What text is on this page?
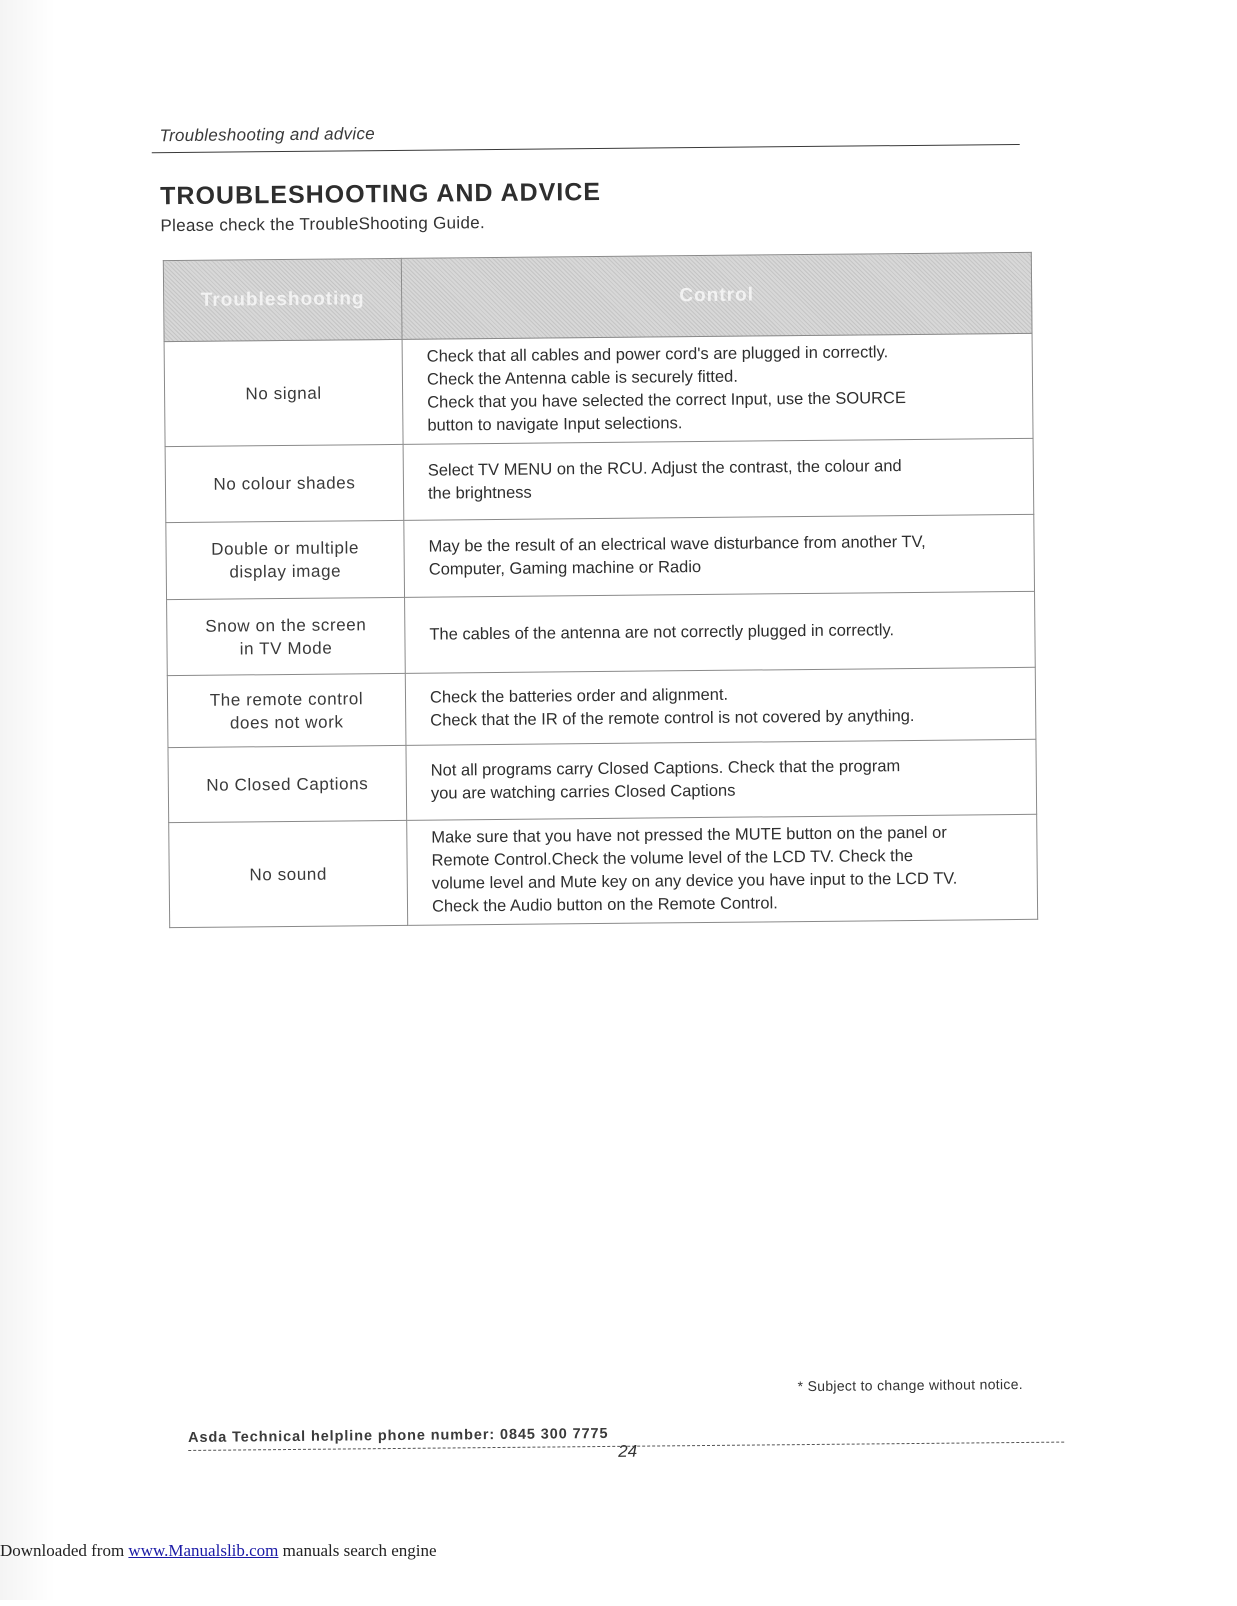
Troubleshooting and advice
TROUBLESHOOTING AND ADVICE
Please check the TroubleShooting Guide.
Troubleshooting	Control
No signal	Check that all cables and power cord's are plugged in correctly.
Check the Antenna cable is securely fitted.
Check that you have selected the correct Input, use the SOURCE
button to navigate Input selections.
No colour shades	Select TV MENU on the RCU. Adjust the contrast, the colour and
the brightness
Double or multiple
display image	May be the result of an electrical wave disturbance from another TV,
Computer, Gaming machine or Radio
Snow on the screen
in TV Mode	The cables of the antenna are not correctly plugged in correctly.
The remote control
does not work	Check the batteries order and alignment.
Check that the IR of the remote control is not covered by anything.
No Closed Captions	Not all programs carry Closed Captions. Check that the program
you are watching carries Closed Captions
No sound	Make sure that you have not pressed the MUTE button on the panel or
Remote Control.Check the volume level of the LCD TV. Check the
volume level and Mute key on any device you have input to the LCD TV.
Check the Audio button on the Remote Control.
* Subject to change without notice.
Asda Technical helpline phone number: 0845 300 7775
24
Downloaded from www.Manualslib.com manuals search engine
